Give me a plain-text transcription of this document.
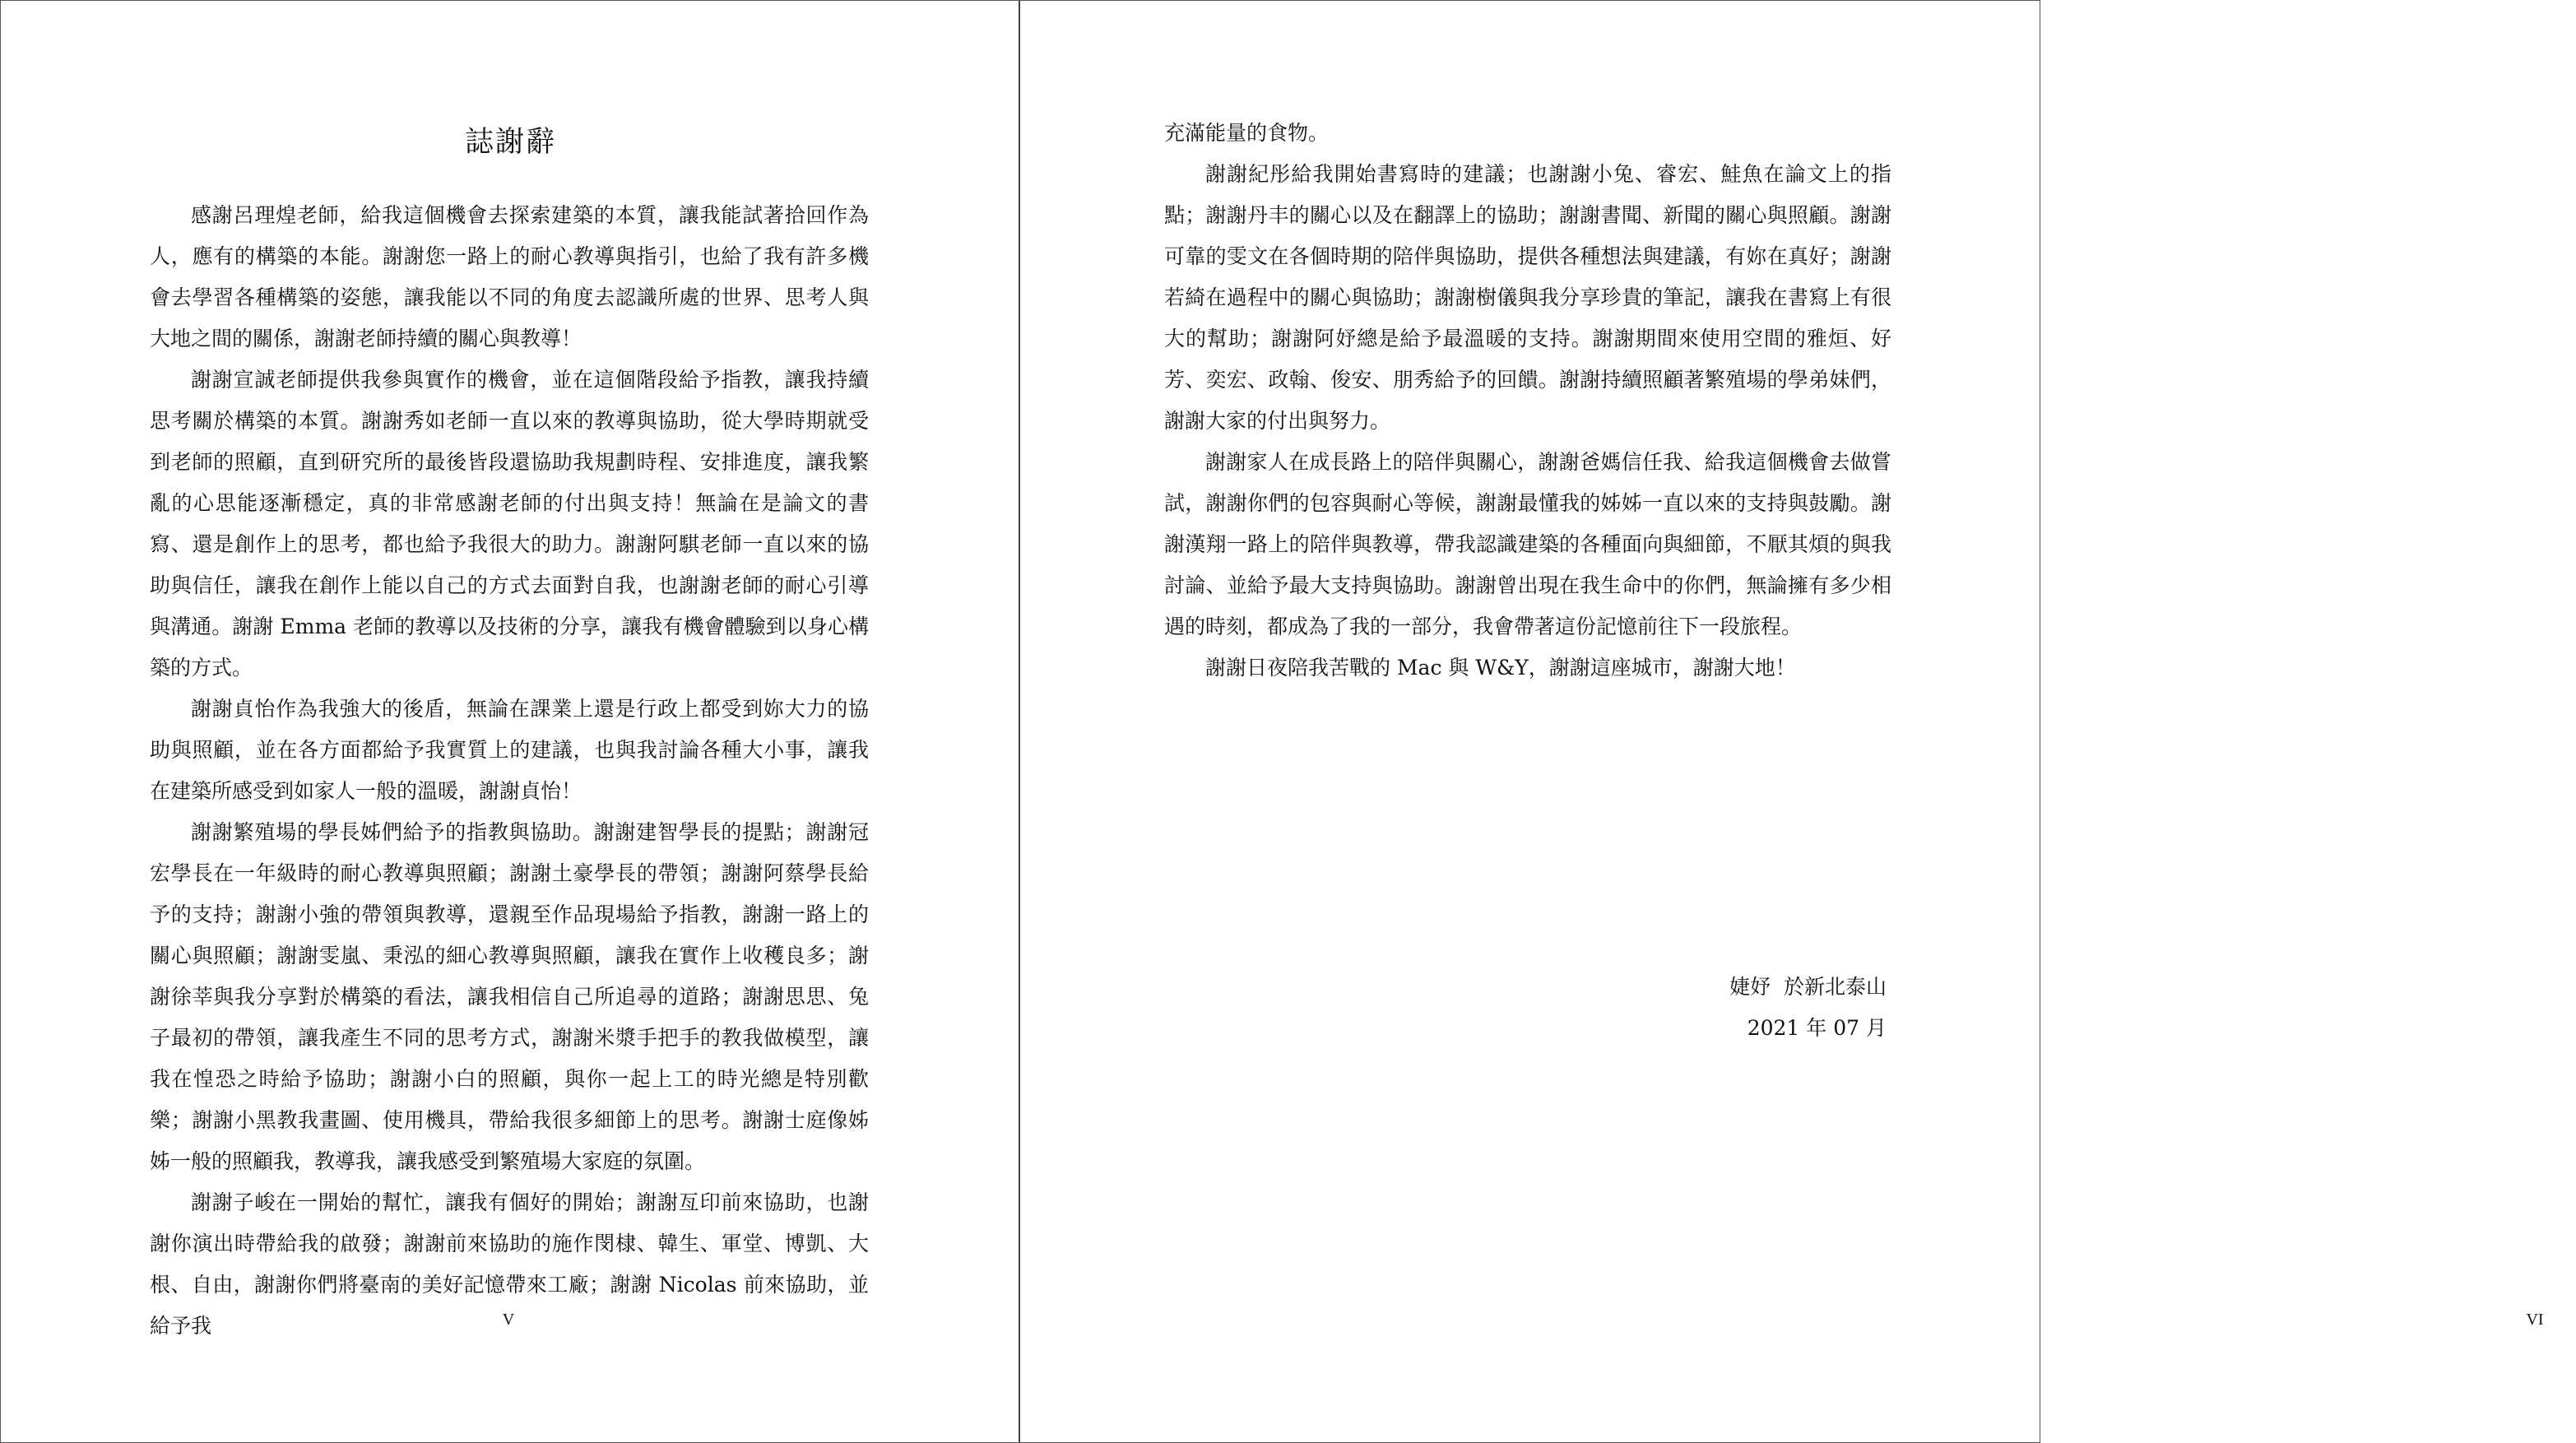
誌謝辭

感謝呂理煌老師，給我這個機會去探索建築的本質，讓我能試著拾回作為人，應有的構築的本能。謝謝您一路上的耐心教導與指引，也給了我有許多機會去學習各種構築的姿態，讓我能以不同的角度去認識所處的世界、思考人與大地之間的關係，謝謝老師持續的關心與教導！

謝謝宣誠老師提供我參與實作的機會，並在這個階段給予指教，讓我持續思考關於構築的本質。謝謝秀如老師一直以來的教導與協助，從大學時期就受到老師的照顧，直到研究所的最後皆段還協助我規劃時程、安排進度，讓我繁亂的心思能逐漸穩定，真的非常感謝老師的付出與支持！無論在是論文的書寫、還是創作上的思考，都也給予我很大的助力。謝謝阿騏老師一直以來的協助與信任，讓我在創作上能以自己的方式去面對自我，也謝謝老師的耐心引導與溝通。謝謝 Emma 老師的教導以及技術的分享，讓我有機會體驗到以身心構築的方式。

謝謝貞怡作為我強大的後盾，無論在課業上還是行政上都受到妳大力的協助與照顧，並在各方面都給予我實質上的建議，也與我討論各種大小事，讓我在建築所感受到如家人一般的溫暖，謝謝貞怡！

謝謝繁殖場的學長姊們給予的指教與協助。謝謝建智學長的提點；謝謝冠宏學長在一年級時的耐心教導與照顧；謝謝土豪學長的帶領；謝謝阿蔡學長給予的支持；謝謝小強的帶領與教導，還親至作品現場給予指教，謝謝一路上的關心與照顧；謝謝雯嵐、秉泓的細心教導與照顧，讓我在實作上收穫良多；謝謝徐莘與我分享對於構築的看法，讓我相信自己所追尋的道路；謝謝思思、兔子最初的帶領，讓我產生不同的思考方式，謝謝米漿手把手的教我做模型，讓我在惶恐之時給予協助；謝謝小白的照顧，與你一起上工的時光總是特別歡樂；謝謝小黑教我畫圖、使用機具，帶給我很多細節上的思考。謝謝士庭像姊姊一般的照顧我，教導我，讓我感受到繁殖場大家庭的氛圍。

謝謝子峻在一開始的幫忙，讓我有個好的開始；謝謝亙印前來協助，也謝謝你演出時帶給我的啟發；謝謝前來協助的施作閔棣、韓生、軍堂、博凱、大根、自由，謝謝你們將臺南的美好記憶帶來工廠；謝謝 Nicolas 前來協助，並給予我	V

充滿能量的食物。

謝謝紀彤給我開始書寫時的建議；也謝謝小兔、睿宏、鮭魚在論文上的指點；謝謝丹丰的關心以及在翻譯上的協助；謝謝書聞、新聞的關心與照顧。謝謝可靠的雯文在各個時期的陪伴與協助，提供各種想法與建議，有妳在真好；謝謝若綺在過程中的關心與協助；謝謝樹儀與我分享珍貴的筆記，讓我在書寫上有很大的幫助；謝謝阿妤總是給予最溫暖的支持。謝謝期間來使用空間的雅烜、好芳、奕宏、政翰、俊安、朋秀給予的回饋。謝謝持續照顧著繁殖場的學弟妹們，謝謝大家的付出與努力。

謝謝家人在成長路上的陪伴與關心，謝謝爸媽信任我、給我這個機會去做嘗試，謝謝你們的包容與耐心等候，謝謝最懂我的姊姊一直以來的支持與鼓勵。謝謝漢翔一路上的陪伴與教導，帶我認識建築的各種面向與細節，不厭其煩的與我討論、並給予最大支持與協助。謝謝曾出現在我生命中的你們，無論擁有多少相遇的時刻，都成為了我的一部分，我會帶著這份記憶前往下一段旅程。

謝謝日夜陪我苦戰的 Mac 與 W&Y，謝謝這座城市，謝謝大地！

婕妤  於新北泰山
2021 年 07 月
VI
